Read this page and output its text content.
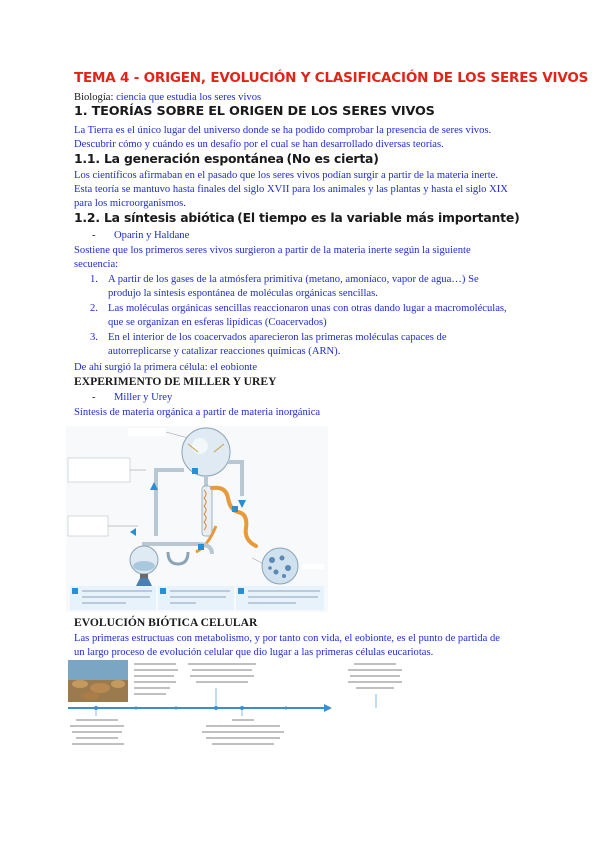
TEMA 4 - ORIGEN, EVOLUCIÓN Y CLASIFICACIÓN DE LOS SERES VIVOS
Biología: ciencia que estudia los seres vivos
1. TEORÍAS SOBRE EL ORIGEN DE LOS SERES VIVOS
La Tierra es el único lugar del universo donde se ha podido comprobar la presencia de seres vivos.
Descubrir cómo y cuándo es un desafío por el cual se han desarrollado diversas teorías.
1.1. La generación espontánea (No es cierta)
Los científicos afirmaban en el pasado que los seres vivos podían surgir a partir de la materia inerte.
Esta teoría se mantuvo hasta finales del siglo XVII para los animales y las plantas y hasta el siglo XIX
para los microorganismos.
1.2. La síntesis abiótica (El tiempo es la variable más importante)
- Oparin y Haldane
Sostiene que los primeros seres vivos surgieron a partir de la materia inerte según la siguiente
secuencia:
1. A partir de los gases de la atmósfera primitiva (metano, amoníaco, vapor de agua…) Se
produjo la síntesis espontánea de moléculas orgánicas sencillas.
2. Las moléculas orgánicas sencillas reaccionaron unas con otras dando lugar a macromoléculas,
que se organizan en esferas lipídicas (Coacervados)
3. En el interior de los coacervados aparecieron las primeras moléculas capaces de
autorreplicarse y catalizar reacciones químicas (ARN).
De ahí surgió la primera célula: el eobionte
EXPERIMENTO DE MILLER Y UREY
- Miller y Urey
Síntesis de materia orgánica a partir de materia inorgánica
EVOLUCIÓN BIÓTICA CELULAR
Las primeras estructuas con metabolismo, y por tanto con vida, el eobionte, es el punto de partida de
un largo proceso de evolución celular que dio lugar a las primeras células eucariotas.
